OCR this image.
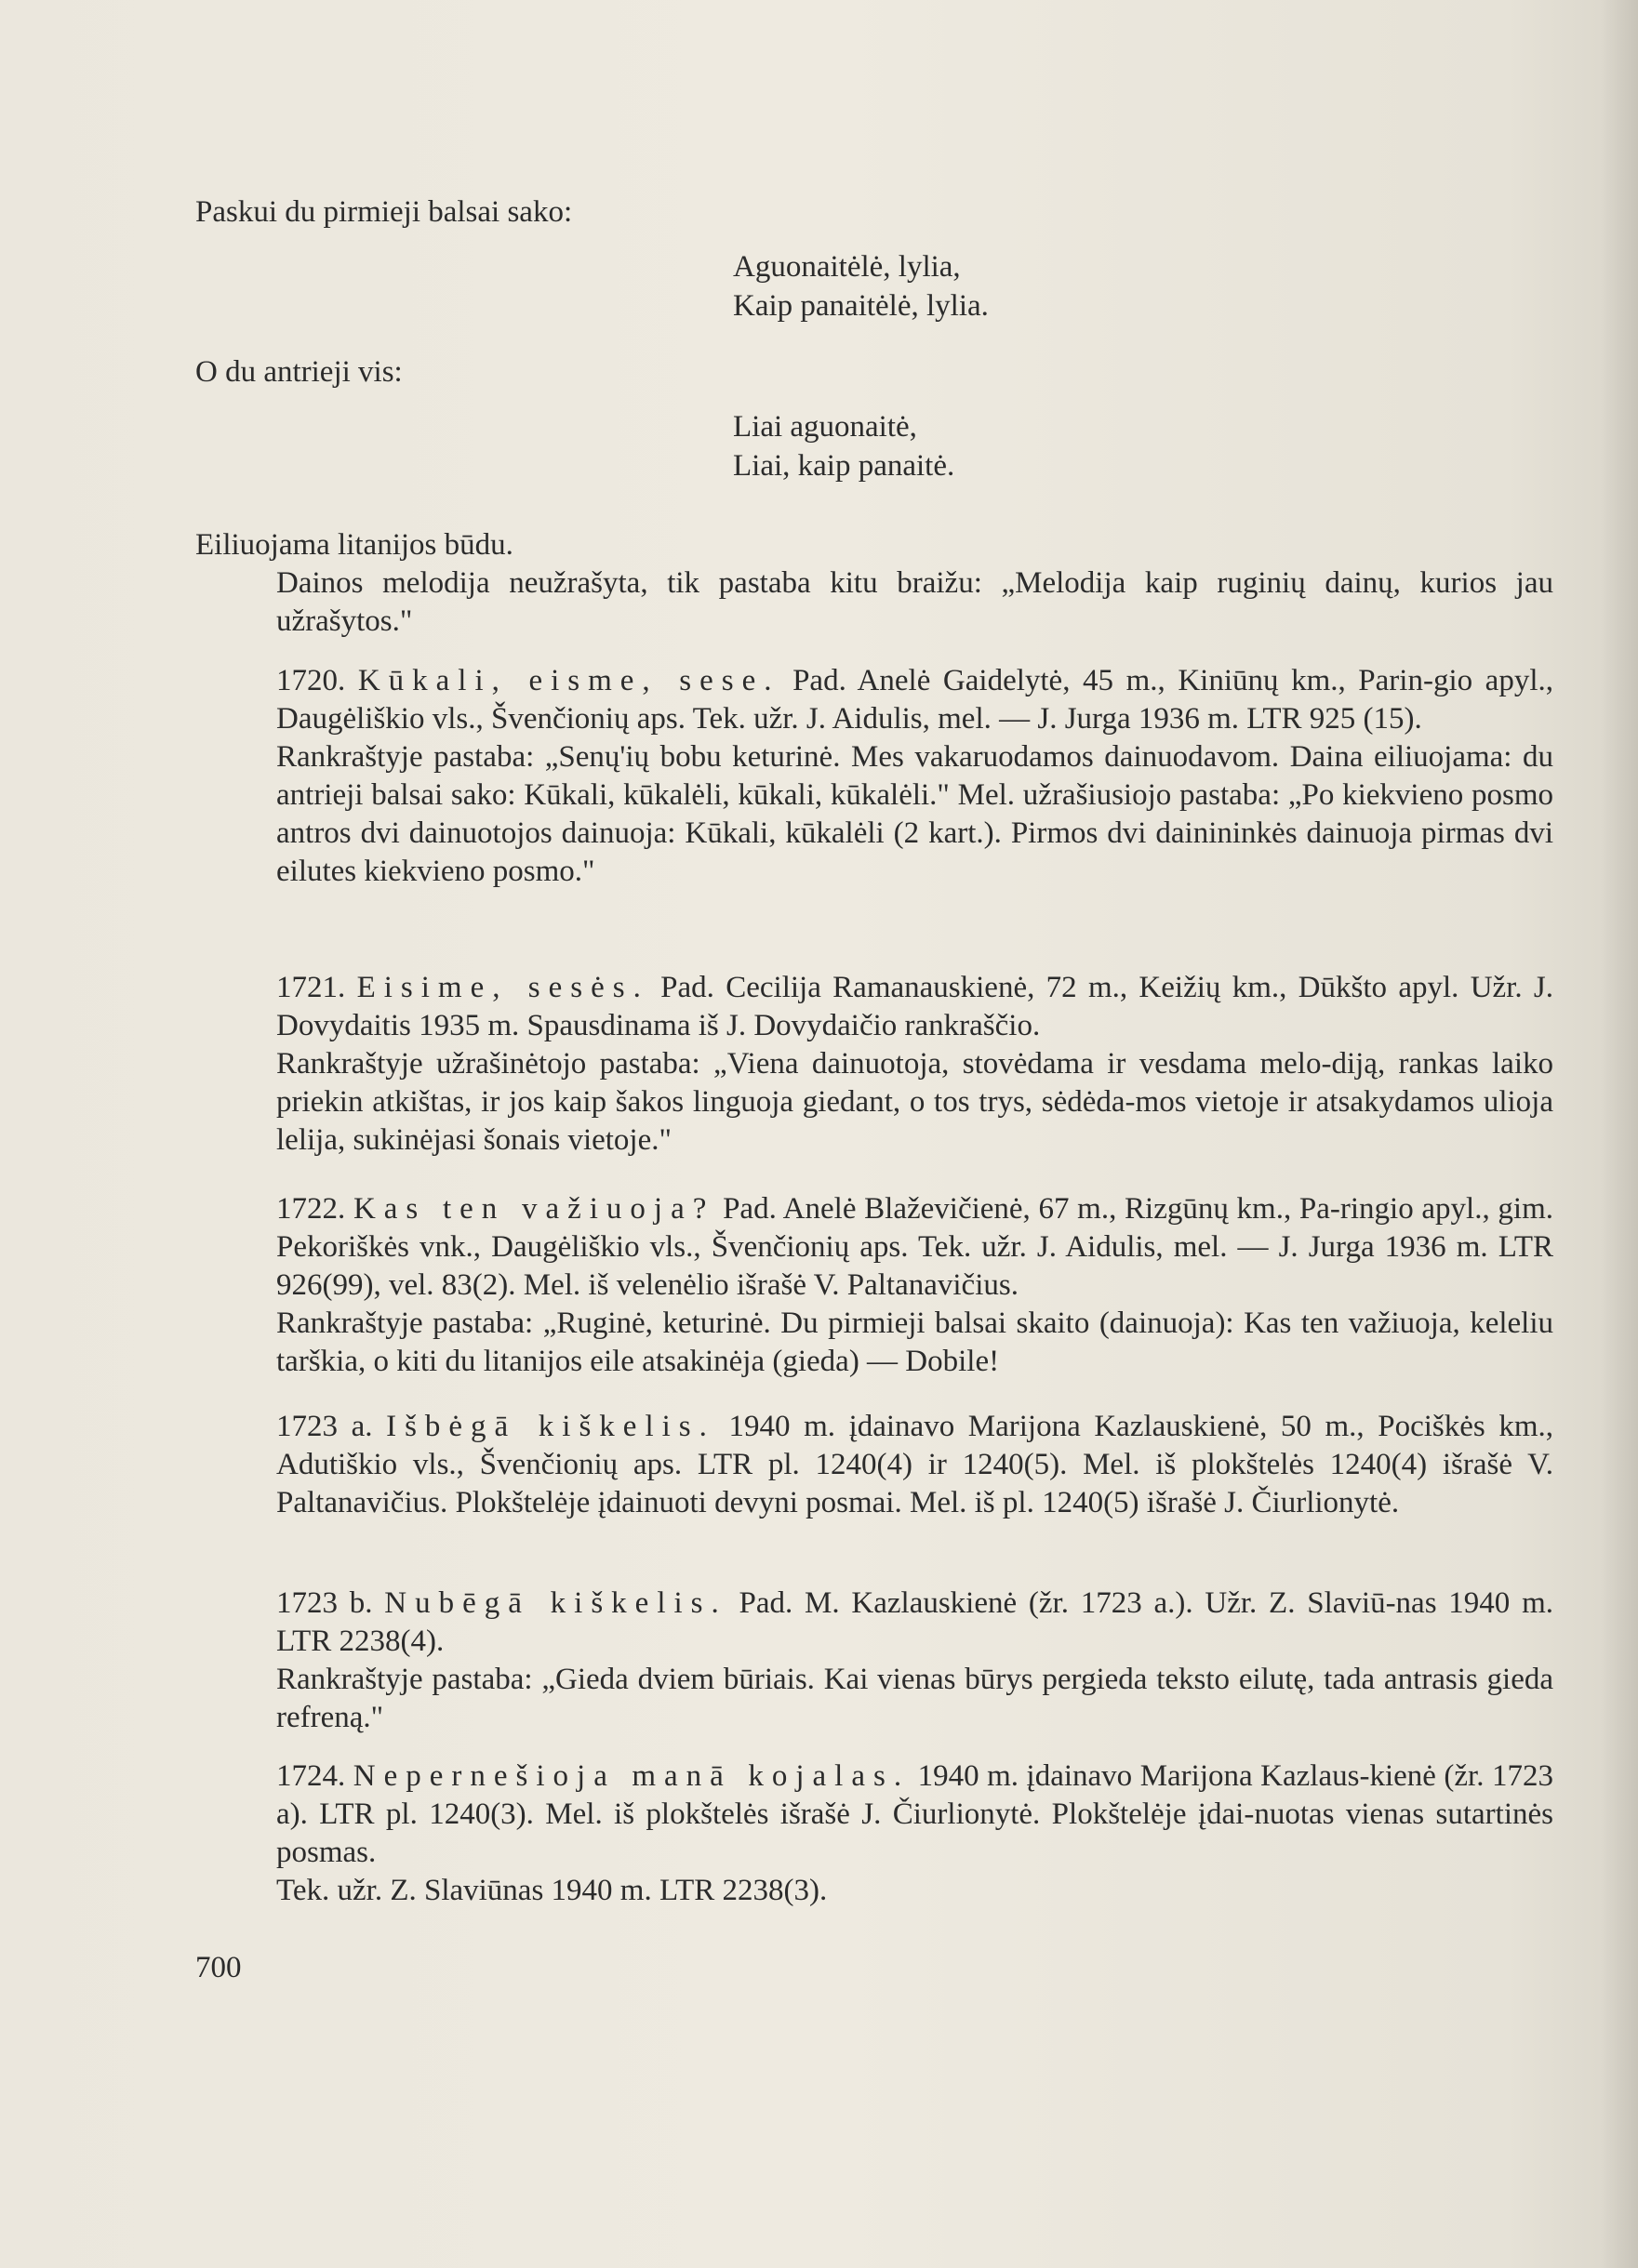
Paskui du pirmieji balsai sako:
Aguonaitėlė, lylia,
Kaip panaitėlė, lylia.
O du antrieji vis:
Liai aguonaitė,
Liai, kaip panaitė.

Eiliuojama litanijos būdu.

Dainos melodija neužrašyta, tik pastaba kitu braižu: „Melodija kaip ruginių dainų, kurios jau užrašytos."

1720. Kūkali, eisme, sese. Pad. Anelė Gaidelytė, 45 m., Kiniūnų km., Parin-gio apyl., Daugėliškio vls., Švenčionių aps. Tek. užr. J. Aidulis, mel. — J. Jurga 1936 m. LTR 925 (15).

Rankraštyje pastaba: „Senų'ių bobu keturinė. Mes vakaruodamos dainuodavom. Daina eiliuojama: du antrieji balsai sako: Kūkali, kūkalėli, kūkali, kūkalėli." Mel. užrašiusiojo pastaba: „Po kiekvieno posmo antros dvi dainuotojos dainuoja: Kūkali, kūkalėli (2 kart.). Pirmos dvi dainininkės dainuoja pirmas dvi eilutes kiekvieno posmo."

1721. Eisime, sesės. Pad. Cecilija Ramanauskienė, 72 m., Keižių km., Dūkšto apyl. Užr. J. Dovydaitis 1935 m. Spausdinama iš J. Dovydaičio rankraščio.

Rankraštyje užrašinėtojo pastaba: „Viena dainuotoja, stovėdama ir vesdama melo-diją, rankas laiko priekin atkištas, ir jos kaip šakos linguoja giedant, o tos trys, sėdėda-mos vietoje ir atsakydamos ulioja lelija, sukinėjasi šonais vietoje."

1722. Kas ten važiuoja? Pad. Anelė Blaževičienė, 67 m., Rizgūnų km., Pa-ringio apyl., gim. Pekoriškės vnk., Daugėliškio vls., Švenčionių aps. Tek. užr. J. Aidulis, mel. — J. Jurga 1936 m. LTR 926(99), vel. 83(2). Mel. iš velenėlio išrašė V. Paltanavičius.

Rankraštyje pastaba: „Ruginė, keturinė. Du pirmieji balsai skaito (dainuoja): Kas ten važiuoja, keleliu tarškia, o kiti du litanijos eile atsakinėja (gieda) — Dobile!

1723 a. Išbėgā kiškelis. 1940 m. įdainavo Marijona Kazlauskienė, 50 m., Pociškės km., Adutiškio vls., Švenčionių aps. LTR pl. 1240(4) ir 1240(5). Mel. iš plokštelės 1240(4) išrašė V. Paltanavičius. Plokštelėje įdainuoti devyni posmai. Mel. iš pl. 1240(5) išrašė J. Čiurlionytė.

1723 b. Nubēgā kiškelis. Pad. M. Kazlauskienė (žr. 1723 a.). Užr. Z. Slaviū-nas 1940 m. LTR 2238(4).

Rankraštyje pastaba: „Gieda dviem būriais. Kai vienas būrys pergieda teksto eilutę, tada antrasis gieda refreną."

1724. Nepernešioja manā kojalas. 1940 m. įdainavo Marijona Kazlaus-kienė (žr. 1723 a). LTR pl. 1240(3). Mel. iš plokštelės išrašė J. Čiurlionytė. Plokštelėje įdai-nuotas vienas sutartinės posmas.

Tek. užr. Z. Slaviūnas 1940 m. LTR 2238(3).

700
